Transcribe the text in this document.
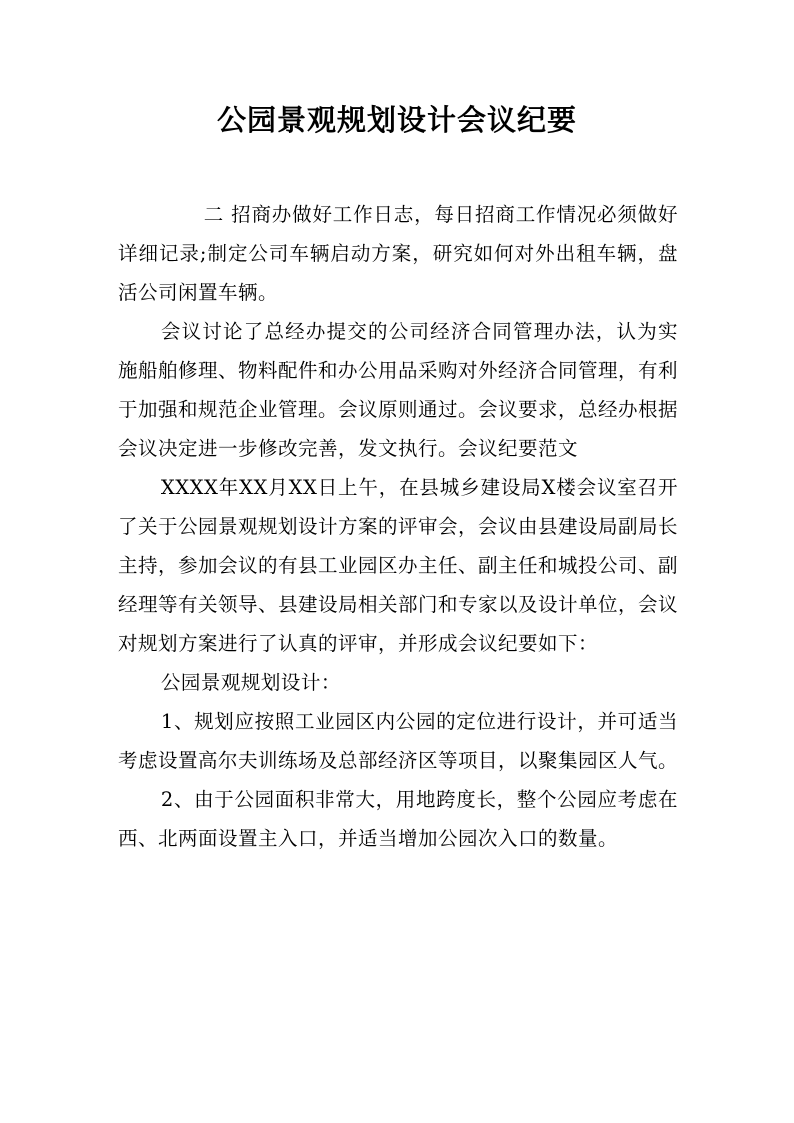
公园景观规划设计会议纪要

二 招商办做好工作日志，每日招商工作情况必须做好详细记录;制定公司车辆启动方案，研究如何对外出租车辆，盘活公司闲置车辆。

会议讨论了总经办提交的公司经济合同管理办法，认为实施船舶修理、物料配件和办公用品采购对外经济合同管理，有利于加强和规范企业管理。会议原则通过。会议要求，总经办根据会议决定进一步修改完善，发文执行。会议纪要范文

XXXX年XX月XX日上午，在县城乡建设局X楼会议室召开了关于公园景观规划设计方案的评审会，会议由县建设局副局长主持，参加会议的有县工业园区办主任、副主任和城投公司、副经理等有关领导、县建设局相关部门和专家以及设计单位，会议对规划方案进行了认真的评审，并形成会议纪要如下：

公园景观规划设计：

1、规划应按照工业园区内公园的定位进行设计，并可适当考虑设置高尔夫训练场及总部经济区等项目，以聚集园区人气。

2、由于公园面积非常大，用地跨度长，整个公园应考虑在西、北两面设置主入口，并适当增加公园次入口的数量。
